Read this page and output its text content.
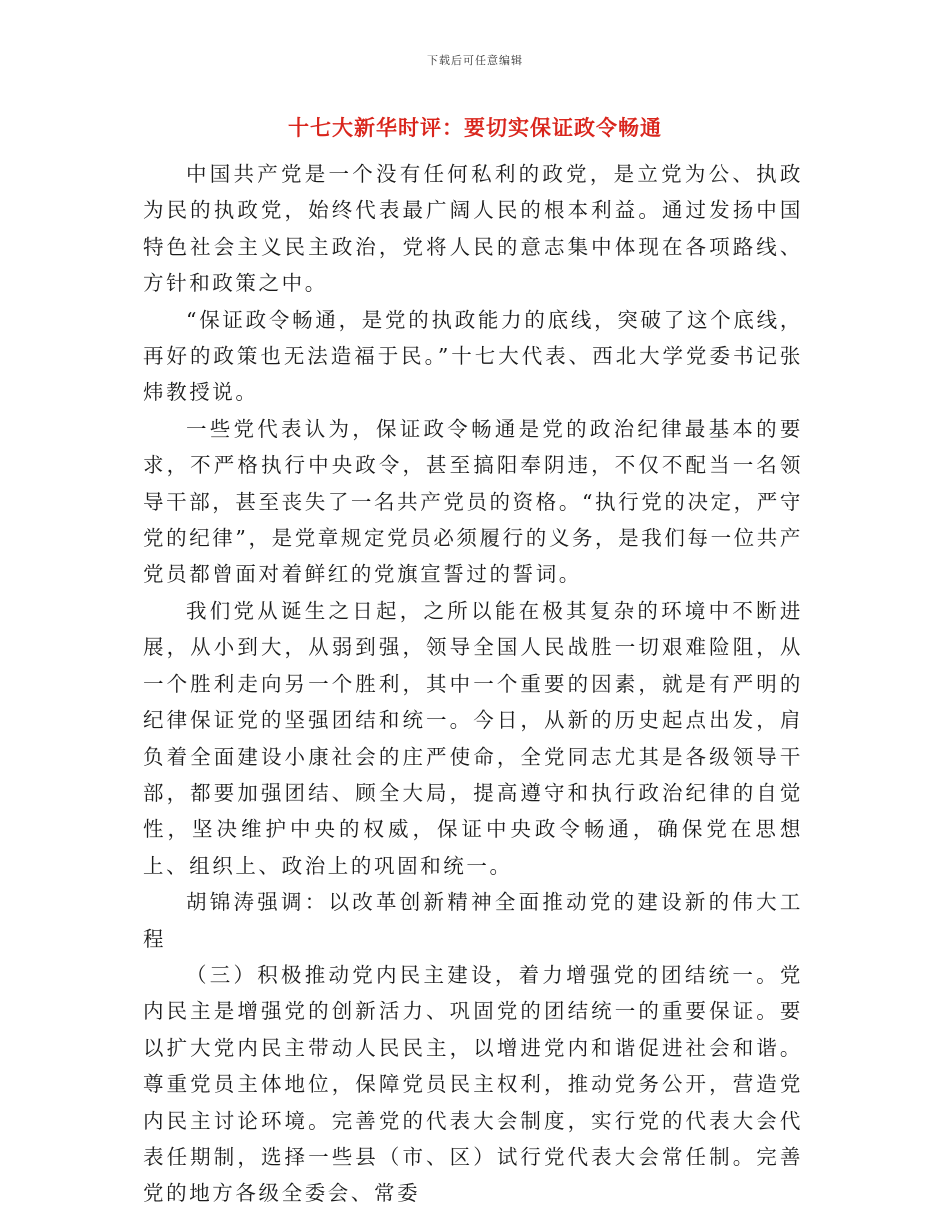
下载后可任意编辑
十七大新华时评：要切实保证政令畅通

中国共产党是一个没有任何私利的政党，是立党为公、执政为民的执政党，始终代表最广阔人民的根本利益。通过发扬中国特色社会主义民主政治，党将人民的意志集中体现在各项路线、方针和政策之中。

“保证政令畅通，是党的执政能力的底线，突破了这个底线，再好的政策也无法造福于民。”十七大代表、西北大学党委书记张炜教授说。

一些党代表认为，保证政令畅通是党的政治纪律最基本的要求，不严格执行中央政令，甚至搞阳奉阴违，不仅不配当一名领导干部，甚至丧失了一名共产党员的资格。“执行党的决定，严守党的纪律”，是党章规定党员必须履行的义务，是我们每一位共产党员都曾面对着鲜红的党旗宣誓过的誓词。

我们党从诞生之日起，之所以能在极其复杂的环境中不断进展，从小到大，从弱到强，领导全国人民战胜一切艰难险阻，从一个胜利走向另一个胜利，其中一个重要的因素，就是有严明的纪律保证党的坚强团结和统一。今日，从新的历史起点出发，肩负着全面建设小康社会的庄严使命，全党同志尤其是各级领导干部，都要加强团结、顾全大局，提高遵守和执行政治纪律的自觉性，坚决维护中央的权威，保证中央政令畅通，确保党在思想上、组织上、政治上的巩固和统一。

胡锦涛强调：以改革创新精神全面推动党的建设新的伟大工程

（三）积极推动党内民主建设，着力增强党的团结统一。党内民主是增强党的创新活力、巩固党的团结统一的重要保证。要以扩大党内民主带动人民民主，以增进党内和谐促进社会和谐。尊重党员主体地位，保障党员民主权利，推动党务公开，营造党内民主讨论环境。完善党的代表大会制度，实行党的代表大会代表任期制，选择一些县（市、区）试行党代表大会常任制。完善党的地方各级全委会、常委
